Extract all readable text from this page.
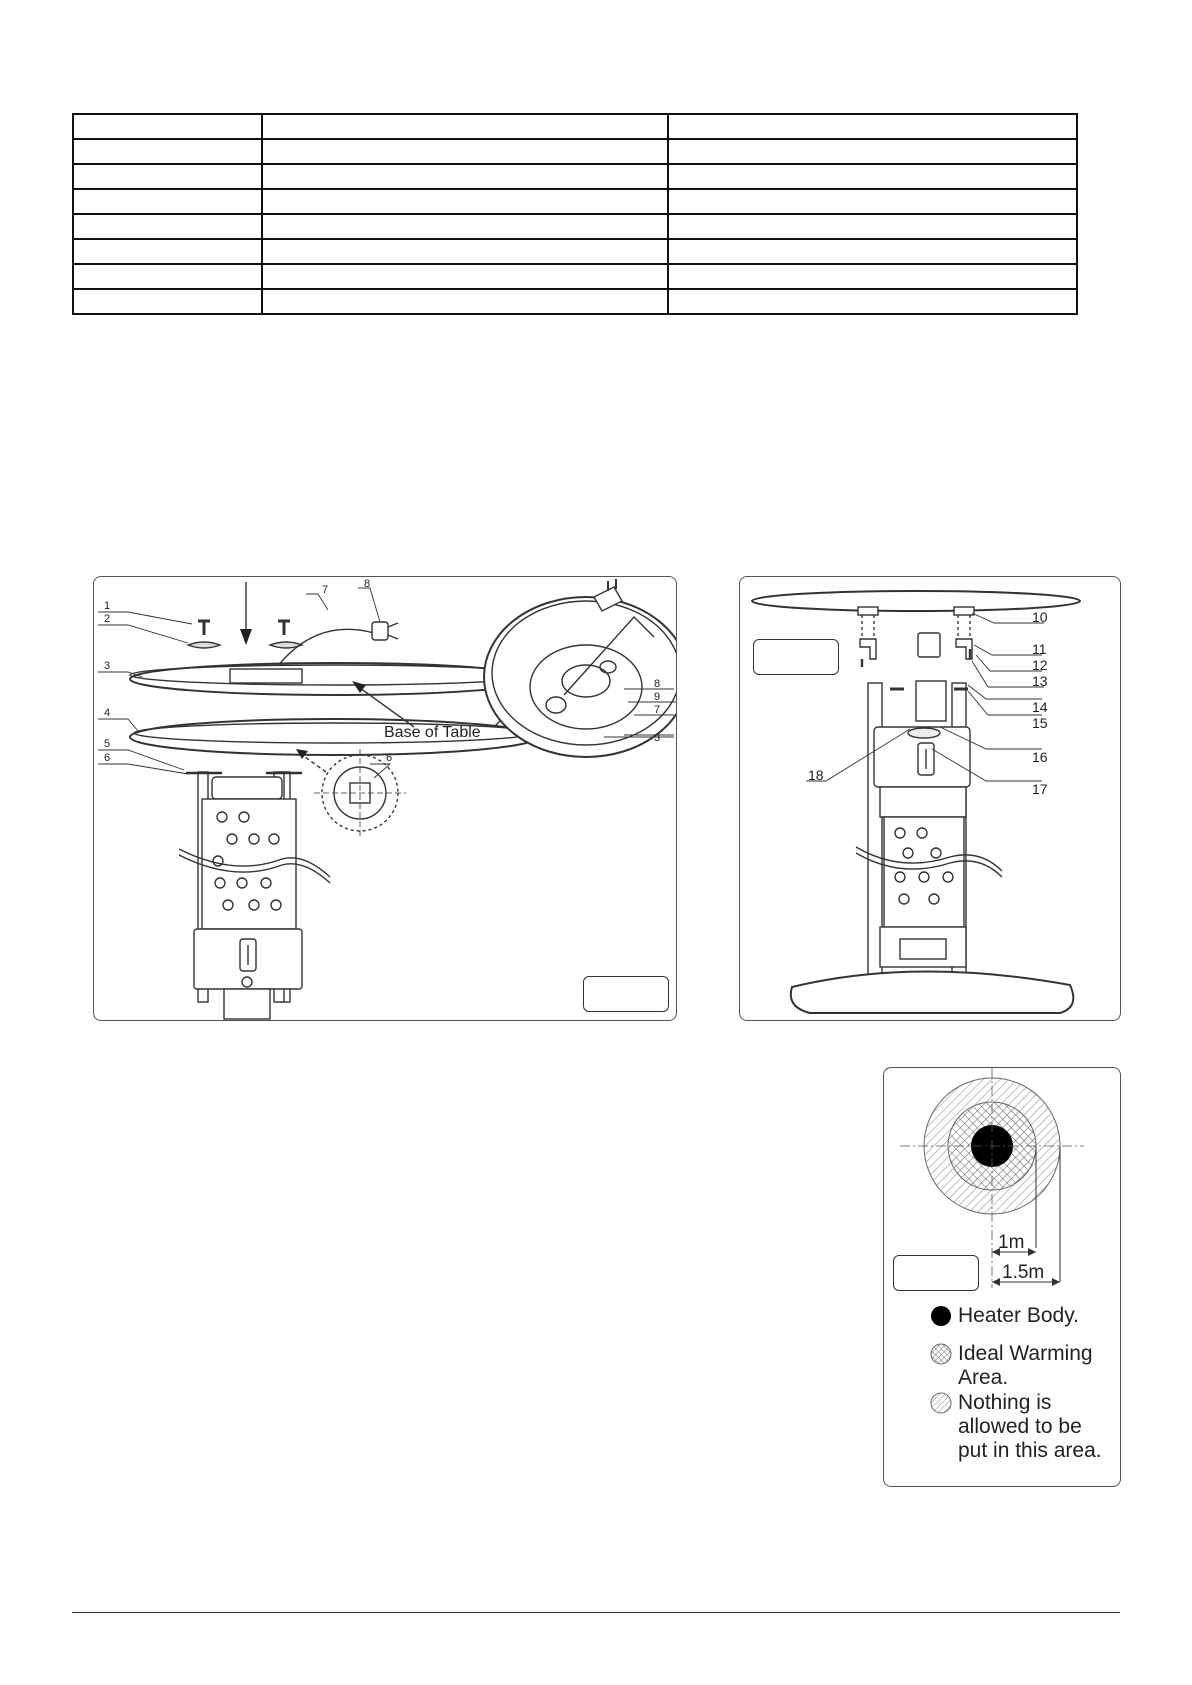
1
2
3
4
5
6
7	8
6
8
9
7
3
Base of Table
10
11
12
13
14
15
16
17
18
1m
1.5m
Heater Body.
Ideal Warming
Area.
Nothing is
allowed to be
put in this area.
